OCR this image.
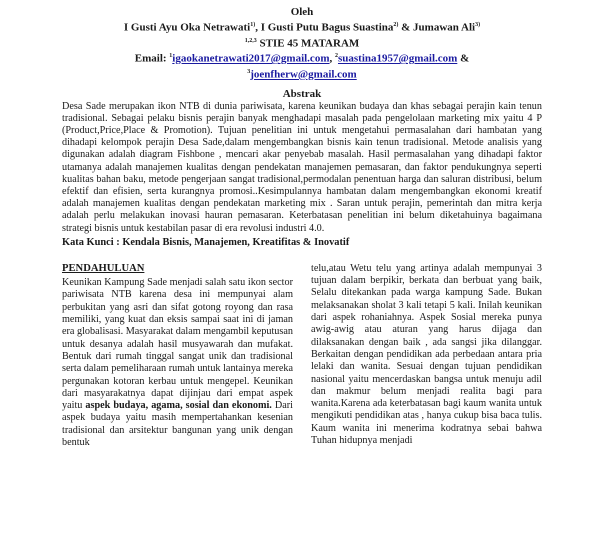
Oleh
I Gusti Ayu Oka Netrawati$^{1)}$, I Gusti Putu Bagus Suastina$^{2)}$ & Jumawan Ali$^{3)}$
$^{1,2,3}$ STIE 45 MATARAM
Email: $^1$igaokanetrawati2017@gmail.com, $^2$suastina1957@gmail.com &
$^3$joenfherw@gmail.com
Abstrak

Desa Sade merupakan ikon NTB di dunia pariwisata, karena keunikan budaya dan khas sebagai perajin kain tenun tradisional. Sebagai pelaku bisnis perajin banyak menghadapi masalah pada pengelolaan marketing mix yaitu 4 P (Product,Price,Place & Promotion). Tujuan penelitian ini untuk mengetahui permasalahan dari hambatan yang dihadapi kelompok perajin Desa Sade,dalam mengembangkan bisnis kain tenun tradisional. Metode analisis yang digunakan adalah diagram Fishbone , mencari akar penyebab masalah. Hasil permasalahan yang dihadapi faktor utamanya adalah manajemen kualitas dengan pendekatan manajemen pemasaran, dan faktor pendukungnya seperti kualitas bahan baku, metode pengerjaan sangat tradisional,permodalan penentuan harga dan saluran distribusi, belum efektif dan efisien, serta kurangnya promosi..Kesimpulannya hambatan dalam mengembangkan ekonomi kreatif adalah manajemen kualitas dengan pendekatan marketing mix . Saran untuk perajin, pemerintah dan mitra kerja adalah perlu melakukan inovasi hauran pemasaran. Keterbatasan penelitian ini belum diketahuinya bagaimana strategi bisnis untuk kestabilan pasar di era revolusi industri 4.0.

Kata Kunci : Kendala Bisnis, Manajemen, Kreatifitas & Inovatif
PENDAHULUAN

Keunikan Kampung Sade menjadi salah satu ikon sector pariwisata NTB karena desa ini mempunyai alam perbukitan yang asri dan sifat gotong royong dan rasa memiliki, yang kuat dan eksis sampai saat ini di jaman era globalisasi. Masyarakat dalam mengambil keputusan untuk desanya adalah hasil musyawarah dan mufakat. Bentuk dari rumah tinggal sangat unik dan tradisional serta dalam pemeliharaan rumah untuk lantainya mereka pergunakan kotoran kerbau untuk mengepel. Keunikan dari masyarakatnya dapat dijinjau dari empat aspek yaitu aspek budaya, agama, sosial dan ekonomi. Dari aspek budaya yaitu masih mempertahankan kesenian tradisional dan arsitektur bangunan yang unik dengan bentuk

telu,atau Wetu telu yang artinya adalah mempunyai 3 tujuan dalam berpikir, berkata dan berbuat yang baik, Selalu ditekankan pada warga kampung Sade. Bukan melaksanakan sholat 3 kali tetapi 5 kali. Inilah keunikan dari aspek rohaniahnya. Aspek Sosial mereka punya awig-awig atau aturan yang harus dijaga dan dilaksanakan dengan baik , ada sangsi jika dilanggar. Berkaitan dengan pendidikan ada perbedaan antara pria lelaki dan wanita. Sesuai dengan tujuan pendidikan nasional yaitu mencerdaskan bangsa untuk menuju adil dan makmur belum menjadi realita bagi para wanita.Karena ada keterbatasan bagi kaum wanita untuk mengikuti pendidikan atas , hanya cukup bisa baca tulis. Kaum wanita ini menerima kodratnya sebai bahwa Tuhan hidupnya menjadi
